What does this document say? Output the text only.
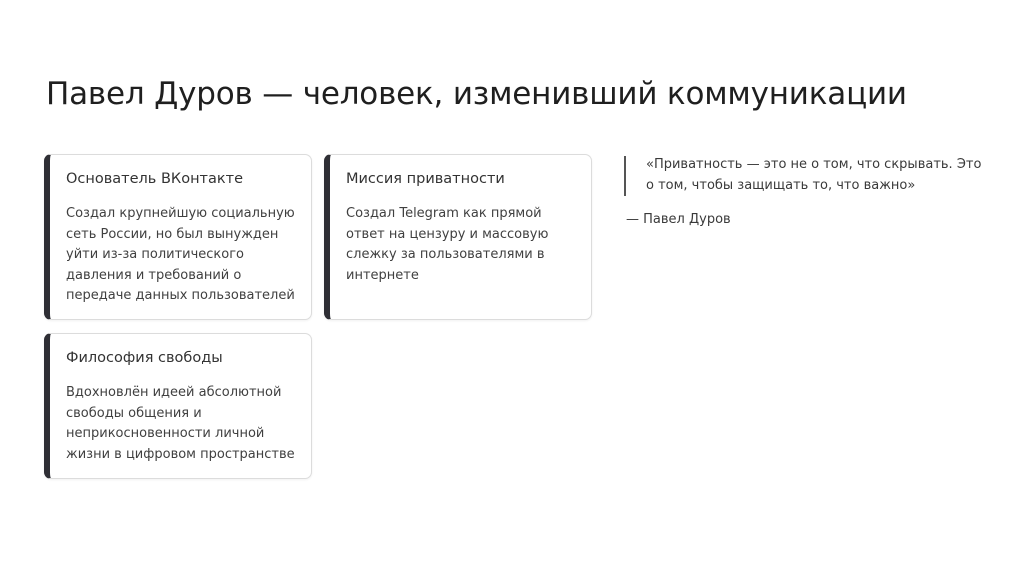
Павел Дуров — человек, изменивший коммуникации

Основатель ВКонтакте

Создал крупнейшую социальную сеть России, но был вынужден уйти из-за политического давления и требований о передаче данных пользователей

Миссия приватности

Создал Telegram как прямой ответ на цензуру и массовую слежку за пользователями в интернете

Философия свободы

Вдохновлён идеей абсолютной свободы общения и неприкосновенности личной жизни в цифровом пространстве

«Приватность — это не о том, что скрывать. Это о том, чтобы защищать то, что важно»

— Павел Дуров
